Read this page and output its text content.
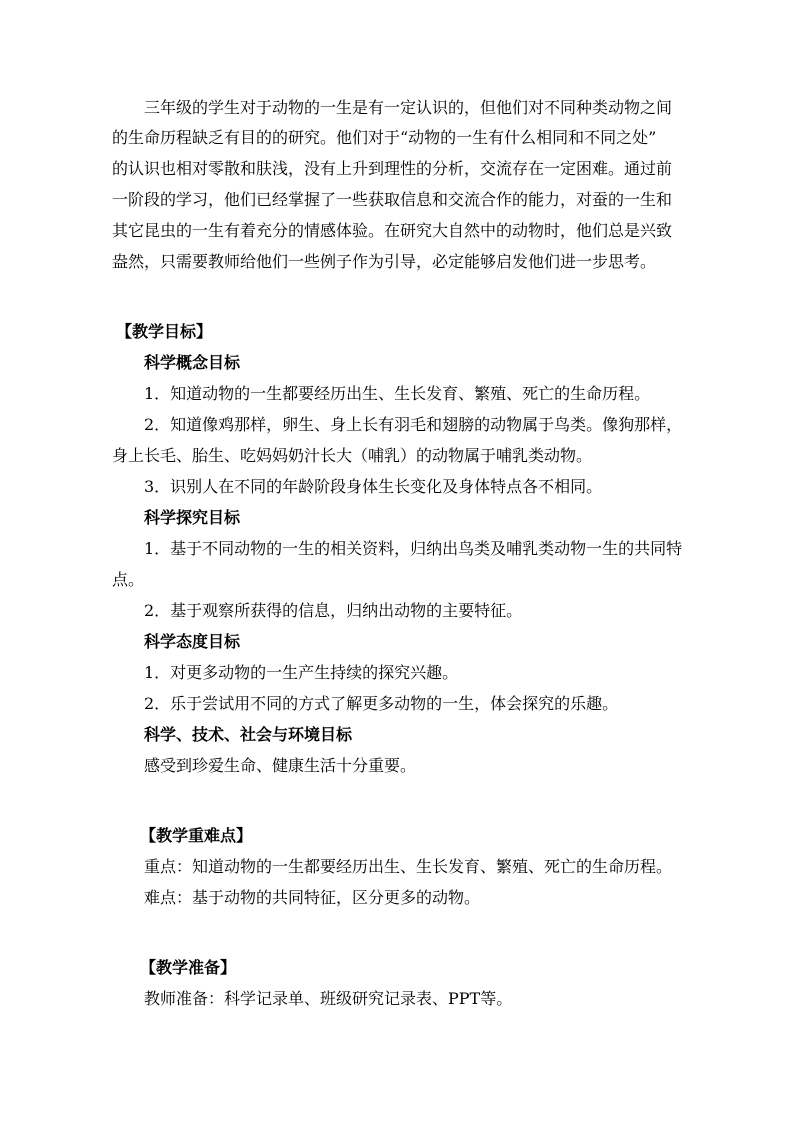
三年级的学生对于动物的一生是有一定认识的，但他们对不同种类动物之间
的生命历程缺乏有目的的研究。他们对于“动物的一生有什么相同和不同之处”
的认识也相对零散和肤浅，没有上升到理性的分析，交流存在一定困难。通过前
一阶段的学习，他们已经掌握了一些获取信息和交流合作的能力，对蚕的一生和
其它昆虫的一生有着充分的情感体验。在研究大自然中的动物时，他们总是兴致
盎然，只需要教师给他们一些例子作为引导，必定能够启发他们进一步思考。
【教学目标】
科学概念目标
1．知道动物的一生都要经历出生、生长发育、繁殖、死亡的生命历程。
2．知道像鸡那样，卵生、身上长有羽毛和翅膀的动物属于鸟类。像狗那样，
身上长毛、胎生、吃妈妈奶汁长大（哺乳）的动物属于哺乳类动物。
3．识别人在不同的年龄阶段身体生长变化及身体特点各不相同。
科学探究目标
1．基于不同动物的一生的相关资料，归纳出鸟类及哺乳类动物一生的共同特
点。
2．基于观察所获得的信息，归纳出动物的主要特征。
科学态度目标
1．对更多动物的一生产生持续的探究兴趣。
2．乐于尝试用不同的方式了解更多动物的一生，体会探究的乐趣。
科学、技术、社会与环境目标
感受到珍爱生命、健康生活十分重要。
【教学重难点】
重点：知道动物的一生都要经历出生、生长发育、繁殖、死亡的生命历程。
难点：基于动物的共同特征，区分更多的动物。
【教学准备】
教师准备：科学记录单、班级研究记录表、PPT等。
